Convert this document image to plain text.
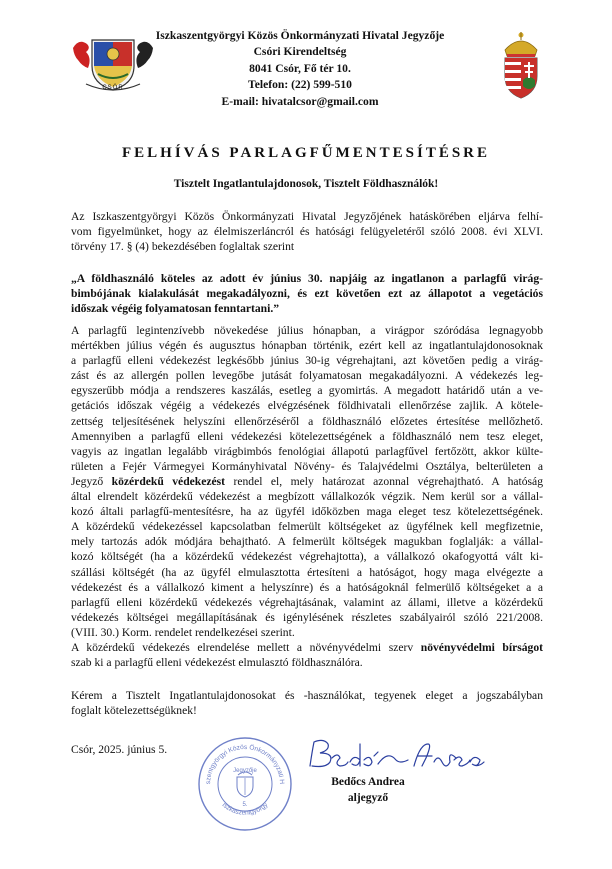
CSÓR
Iszkaszentgyörgyi Közös Önkormányzati Hivatal Jegyzője
Csóri Kirendeltség
8041 Csór, Fő tér 10.
Telefon: (22) 599-510
E-mail: hivatalcsor@gmail.com
FELHÍVÁS PARLAGFŰMENTESÍTÉSRE
Tisztelt Ingatlantulajdonosok, Tisztelt Földhasználók!
Az Iszkaszentgyörgyi Közös Önkormányzati Hivatal Jegyzőjének hatáskörében eljárva felhí-
vom figyelmünket, hogy az élelmiszerláncról és hatósági felügyeletéről szóló 2008. évi XLVI.
törvény 17. § (4) bekezdésében foglaltak szerint
„A földhasználó köteles az adott év június 30. napjáig az ingatlanon a parlagfű virág-
bimbójának kialakulását megakadályozni, és ezt követően ezt az állapotot a vegetációs
időszak végéig folyamatosan fenntartani.”
A parlagfű legintenzívebb növekedése július hónapban, a virágpor szóródása legnagyobb
mértékben július végén és augusztus hónapban történik, ezért kell az ingatlantulajdonosoknak
a parlagfű elleni védekezést legkésőbb június 30-ig végrehajtani, azt követően pedig a virág-
zást és az allergén pollen levegőbe jutását folyamatosan megakadályozni. A védekezés leg-
egyszerűbb módja a rendszeres kaszálás, esetleg a gyomirtás. A megadott határidő után a ve-
getációs időszak végéig a védekezés elvégzésének földhivatali ellenőrzése zajlik. A kötele-
zettség teljesítésének helyszíni ellenőrzéséről a földhasználó előzetes értesítése mellőzhető.
Amennyiben a parlagfű elleni védekezési kötelezettségének a földhasználó nem tesz eleget,
vagyis az ingatlan legalább virágbimbós fenológiai állapotú parlagfűvel fertőzött, akkor külte-
rületen a Fejér Vármegyei Kormányhivatal Növény- és Talajvédelmi Osztálya, belterületen a
Jegyző közérdekű védekezést rendel el, mely határozat azonnal végrehajtható. A hatóság
által elrendelt közérdekű védekezést a megbízott vállalkozók végzik. Nem kerül sor a vállal-
kozó általi parlagfű-mentesítésre, ha az ügyfél időközben maga eleget tesz kötelezettségének.
A közérdekű védekezéssel kapcsolatban felmerült költségeket az ügyfélnek kell megfizetnie,
mely tartozás adók módjára behajtható. A felmerült költségek magukban foglalják: a vállal-
kozó költségét (ha a közérdekű védekezést végrehajtotta), a vállalkozó okafogyottá vált ki-
szállási költségét (ha az ügyfél elmulasztotta értesíteni a hatóságot, hogy maga elvégezte a
védekezést és a vállalkozó kiment a helyszínre) és a hatóságoknál felmerülő költségeket a a
parlagfű elleni közérdekű védekezés végrehajtásának, valamint az állami, illetve a közérdekű
védekezés költségei megállapításának és igénylésének részletes szabályairól szóló 221/2008.
(VIII. 30.) Korm. rendelet rendelkezései szerint.
A közérdekű védekezés elrendelése mellett a növényvédelmi szerv növényvédelmi bírságot
szab ki a parlagfű elleni védekezést elmulasztó földhasználóra.
Kérem a Tisztelt Ingatlantulajdonosokat és -használókat, tegyenek eleget a jogszabályban
foglalt kötelezettségüknek!
Csór, 2025. június 5.
szentgyörgyi Közös Önkormányzati H
Iszkaszentgyörgy
Jegyzője
5.
Bedőcs Andrea
aljegyző
